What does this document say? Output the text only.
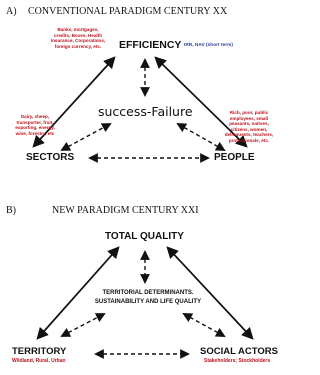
A) CONVENTIONAL PARADIGM CENTURY XX
EFFICIENCY
Banks, mortgages,
credits, Boxes, Health
Insurance, Corporations,
foreign currency, etc.	IRR, NAV (short term)
success-Failure
Dairy, sheep,
transporter, fruit,
exporting, energy,
wine, forestry, etc
Rich, poor, public
employees, small
peasants, natives,
citizens, women,
delinquents, teachers,
professionals, etc.
SECTORS	PEOPLE
B)	NEW PARADIGM CENTURY XXI
TOTAL QUALITY
TERRITORIAL DETERMINANTS.
SUSTAINABILITY AND LIFE QUALITY
TERRITORY
Wildland, Rural, Urban
SOCIAL ACTORS
Stakeholders; Stockholders
